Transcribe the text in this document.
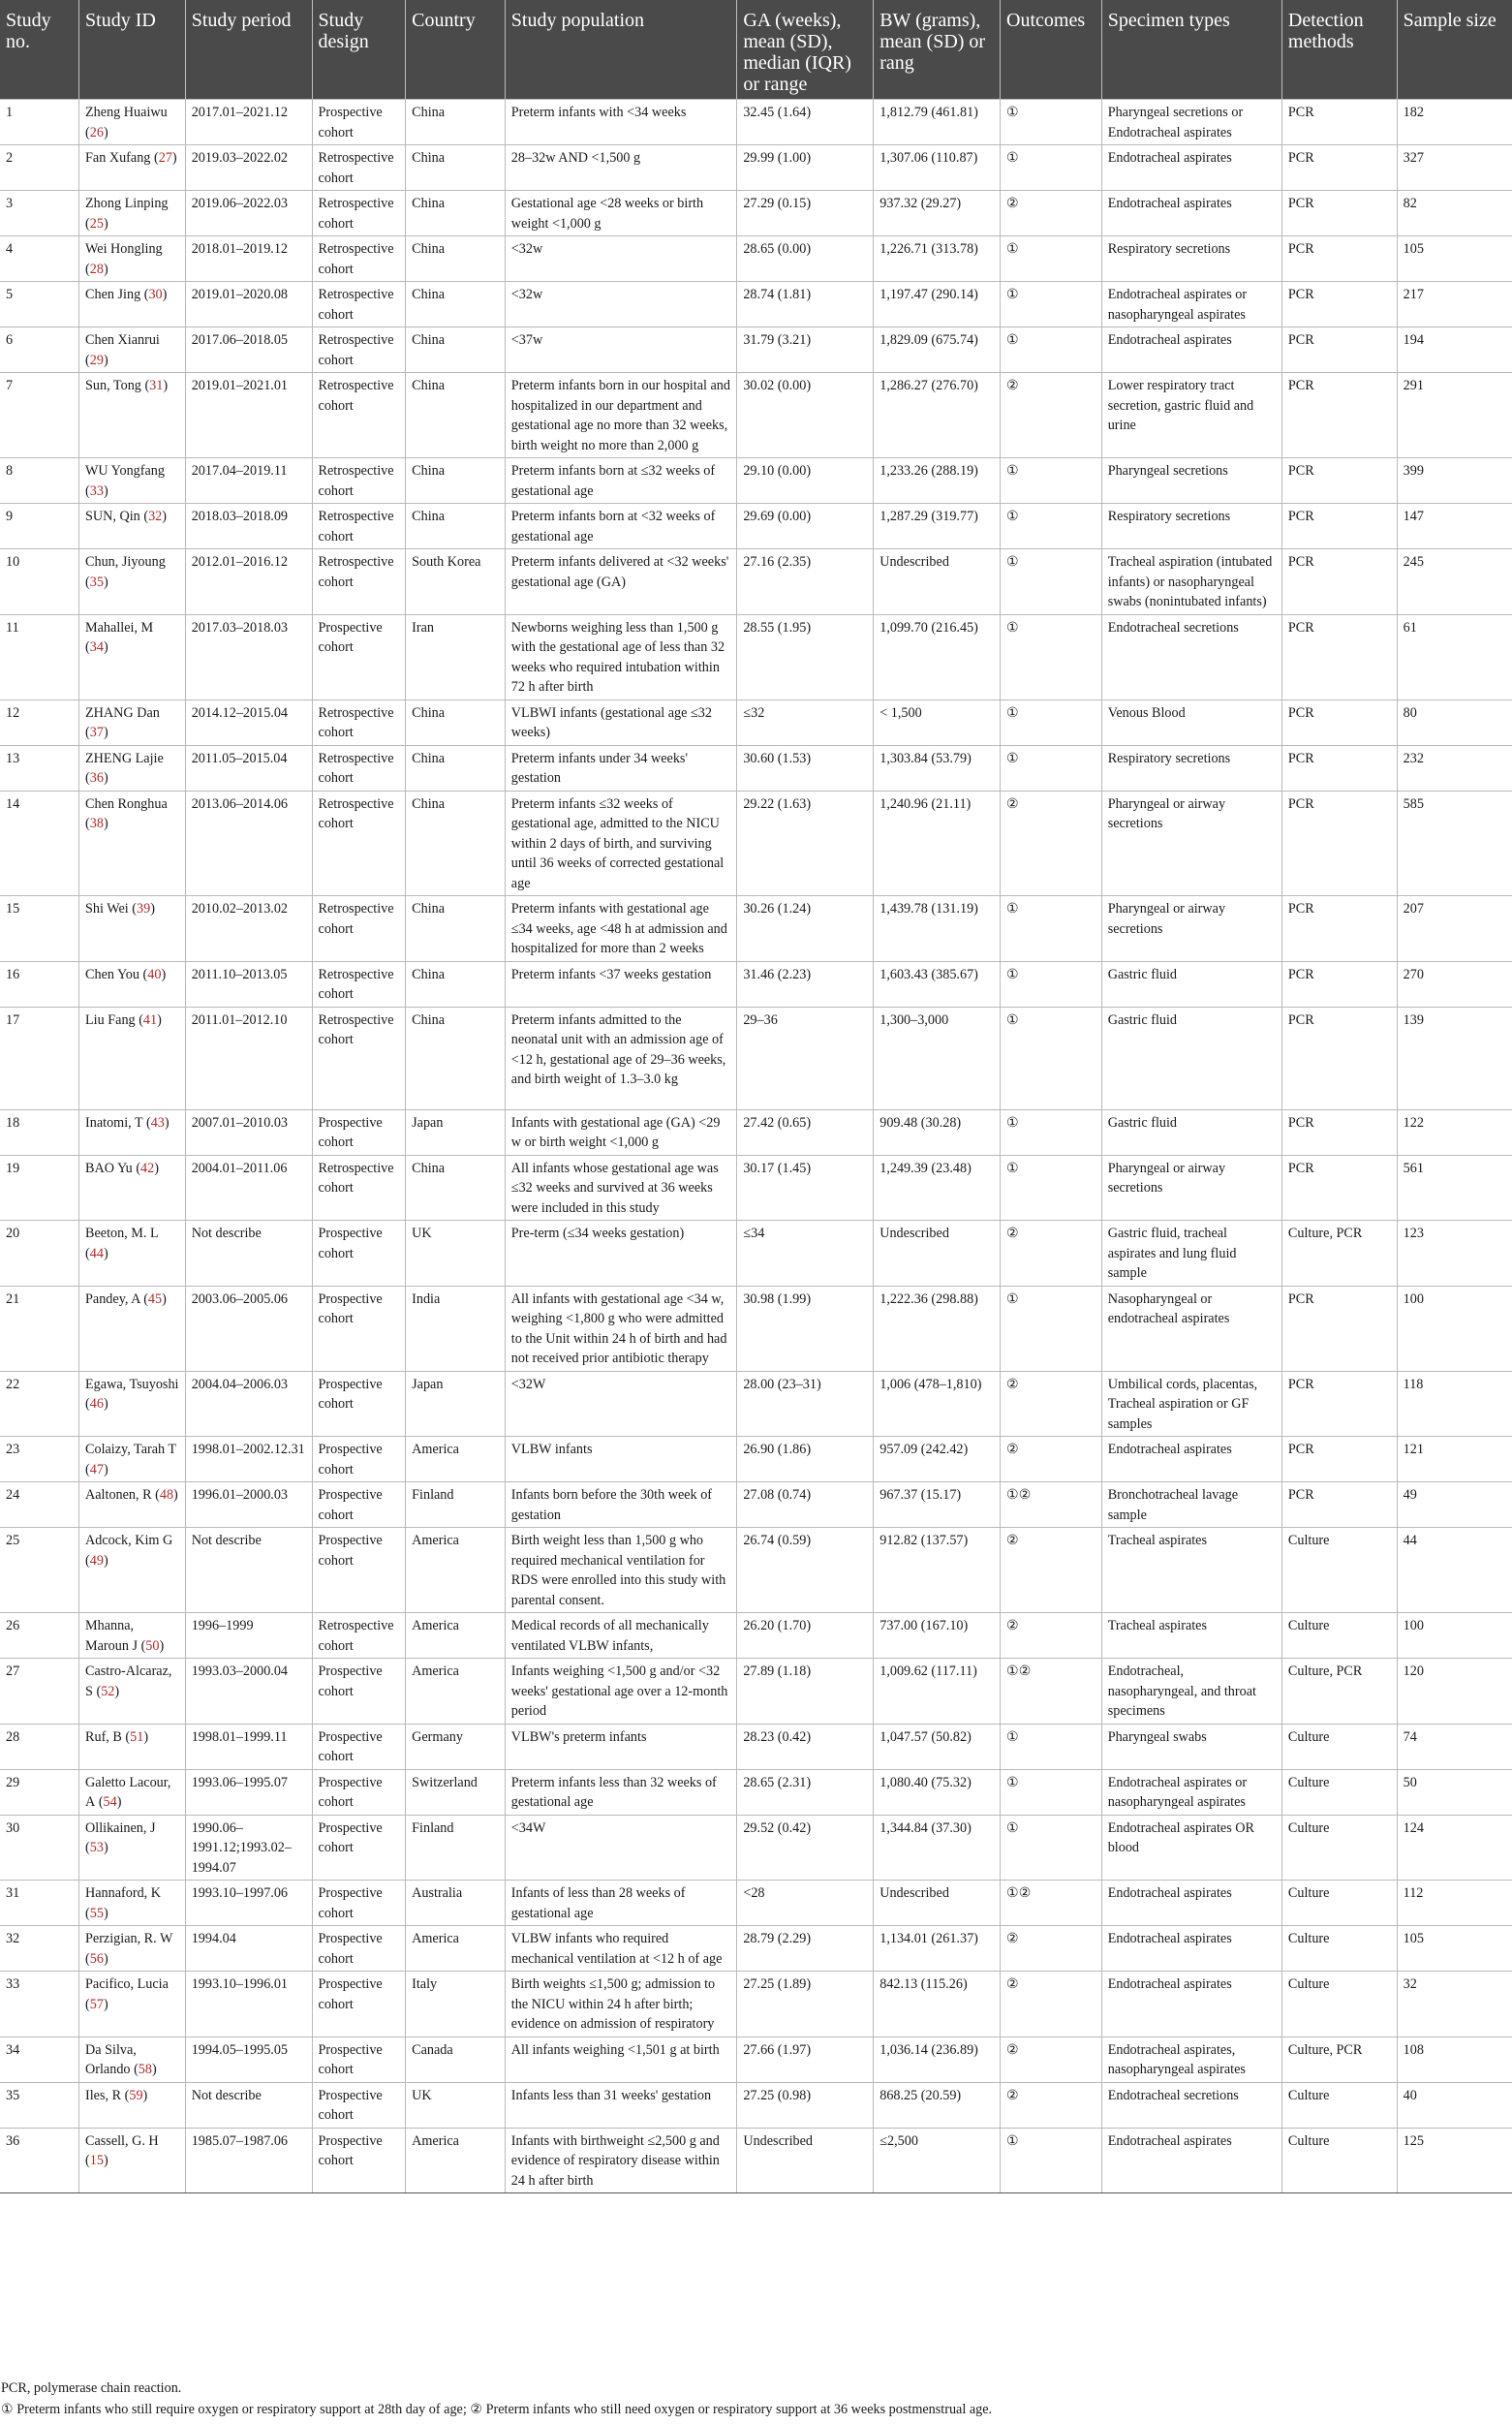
Study no.	Study ID	Study period	Study design	Country	Study population	GA (weeks), mean (SD), median (IQR) or range	BW (grams), mean (SD) or rang	Outcomes	Specimen types	Detection methods	Sample size
1	Zheng Huaiwu (26)	2017.01–2021.12	Prospective cohort	China	Preterm infants with <34 weeks	32.45 (1.64)	1,812.79 (461.81)	①	Pharyngeal secretions or Endotracheal aspirates	PCR	182
2	Fan Xufang (27)	2019.03–2022.02	Retrospective cohort	China	28–32w AND <1,500 g	29.99 (1.00)	1,307.06 (110.87)	①	Endotracheal aspirates	PCR	327
3	Zhong Linping (25)	2019.06–2022.03	Retrospective cohort	China	Gestational age <28 weeks or birth weight <1,000 g	27.29 (0.15)	937.32 (29.27)	②	Endotracheal aspirates	PCR	82
4	Wei Hongling (28)	2018.01–2019.12	Retrospective cohort	China	<32w	28.65 (0.00)	1,226.71 (313.78)	①	Respiratory secretions	PCR	105
5	Chen Jing (30)	2019.01–2020.08	Retrospective cohort	China	<32w	28.74 (1.81)	1,197.47 (290.14)	①	Endotracheal aspirates or nasopharyngeal aspirates	PCR	217
6	Chen Xianrui (29)	2017.06–2018.05	Retrospective cohort	China	<37w	31.79 (3.21)	1,829.09 (675.74)	①	Endotracheal aspirates	PCR	194
7	Sun, Tong (31)	2019.01–2021.01	Retrospective cohort	China	Preterm infants born in our hospital and hospitalized in our department and gestational age no more than 32 weeks, birth weight no more than 2,000 g	30.02 (0.00)	1,286.27 (276.70)	②	Lower respiratory tract secretion, gastric fluid and urine	PCR	291
8	WU Yongfang (33)	2017.04–2019.11	Retrospective cohort	China	Preterm infants born at ≤32 weeks of gestational age	29.10 (0.00)	1,233.26 (288.19)	①	Pharyngeal secretions	PCR	399
9	SUN, Qin (32)	2018.03–2018.09	Retrospective cohort	China	Preterm infants born at <32 weeks of gestational age	29.69 (0.00)	1,287.29 (319.77)	①	Respiratory secretions	PCR	147
10	Chun, Jiyoung (35)	2012.01–2016.12	Retrospective cohort	South Korea	Preterm infants delivered at <32 weeks' gestational age (GA)	27.16 (2.35)	Undescribed	①	Tracheal aspiration (intubated infants) or nasopharyngeal swabs (nonintubated infants)	PCR	245
11	Mahallei, M (34)	2017.03–2018.03	Prospective cohort	Iran	Newborns weighing less than 1,500 g with the gestational age of less than 32 weeks who required intubation within 72 h after birth	28.55 (1.95)	1,099.70 (216.45)	①	Endotracheal secretions	PCR	61
12	ZHANG Dan (37)	2014.12–2015.04	Retrospective cohort	China	VLBWI infants (gestational age ≤32 weeks)	≤32	< 1,500	①	Venous Blood	PCR	80
13	ZHENG Lajie (36)	2011.05–2015.04	Retrospective cohort	China	Preterm infants under 34 weeks' gestation	30.60 (1.53)	1,303.84 (53.79)	①	Respiratory secretions	PCR	232
14	Chen Ronghua (38)	2013.06–2014.06	Retrospective cohort	China	Preterm infants ≤32 weeks of gestational age, admitted to the NICU within 2 days of birth, and surviving until 36 weeks of corrected gestational age	29.22 (1.63)	1,240.96 (21.11)	②	Pharyngeal or airway secretions	PCR	585
15	Shi Wei (39)	2010.02–2013.02	Retrospective cohort	China	Preterm infants with gestational age ≤34 weeks, age <48 h at admission and hospitalized for more than 2 weeks	30.26 (1.24)	1,439.78 (131.19)	①	Pharyngeal or airway secretions	PCR	207
16	Chen You (40)	2011.10–2013.05	Retrospective cohort	China	Preterm infants <37 weeks gestation	31.46 (2.23)	1,603.43 (385.67)	①	Gastric fluid	PCR	270
17	Liu Fang (41)	2011.01–2012.10	Retrospective cohort	China	Preterm infants admitted to the neonatal unit with an admission age of <12 h, gestational age of 29–36 weeks, and birth weight of 1.3–3.0 kg	29–36	1,300–3,000	①	Gastric fluid	PCR	139
18	Inatomi, T (43)	2007.01–2010.03	Prospective cohort	Japan	Infants with gestational age (GA) <29 w or birth weight <1,000 g	27.42 (0.65)	909.48 (30.28)	①	Gastric fluid	PCR	122
19	BAO Yu (42)	2004.01–2011.06	Retrospective cohort	China	All infants whose gestational age was ≤32 weeks and survived at 36 weeks were included in this study	30.17 (1.45)	1,249.39 (23.48)	①	Pharyngeal or airway secretions	PCR	561
20	Beeton, M. L (44)	Not describe	Prospective cohort	UK	Pre-term (≤34 weeks gestation)	≤34	Undescribed	②	Gastric fluid, tracheal aspirates and lung fluid sample	Culture, PCR	123
21	Pandey, A (45)	2003.06–2005.06	Prospective cohort	India	All infants with gestational age <34 w, weighing <1,800 g who were admitted to the Unit within 24 h of birth and had not received prior antibiotic therapy	30.98 (1.99)	1,222.36 (298.88)	①	Nasopharyngeal or endotracheal aspirates	PCR	100
22	Egawa, Tsuyoshi (46)	2004.04–2006.03	Prospective cohort	Japan	<32W	28.00 (23–31)	1,006 (478–1,810)	②	Umbilical cords, placentas, Tracheal aspiration or GF samples	PCR	118
23	Colaizy, Tarah T (47)	1998.01–2002.12.31	Prospective cohort	America	VLBW infants	26.90 (1.86)	957.09 (242.42)	②	Endotracheal aspirates	PCR	121
24	Aaltonen, R (48)	1996.01–2000.03	Prospective cohort	Finland	Infants born before the 30th week of gestation	27.08 (0.74)	967.37 (15.17)	①②	Bronchotracheal lavage sample	PCR	49
25	Adcock, Kim G (49)	Not describe	Prospective cohort	America	Birth weight less than 1,500 g who required mechanical ventilation for RDS were enrolled into this study with parental consent.	26.74 (0.59)	912.82 (137.57)	②	Tracheal aspirates	Culture	44
26	Mhanna, Maroun J (50)	1996–1999	Retrospective cohort	America	Medical records of all mechanically ventilated VLBW infants,	26.20 (1.70)	737.00 (167.10)	②	Tracheal aspirates	Culture	100
27	Castro-Alcaraz, S (52)	1993.03–2000.04	Prospective cohort	America	Infants weighing <1,500 g and/or <32 weeks' gestational age over a 12-month period	27.89 (1.18)	1,009.62 (117.11)	①②	Endotracheal, nasopharyngeal, and throat specimens	Culture, PCR	120
28	Ruf, B (51)	1998.01–1999.11	Prospective cohort	Germany	VLBW's preterm infants	28.23 (0.42)	1,047.57 (50.82)	①	Pharyngeal swabs	Culture	74
29	Galetto Lacour, A (54)	1993.06–1995.07	Prospective cohort	Switzerland	Preterm infants less than 32 weeks of gestational age	28.65 (2.31)	1,080.40 (75.32)	①	Endotracheal aspirates or nasopharyngeal aspirates	Culture	50
30	Ollikainen, J (53)	1990.06–1991.12;1993.02–1994.07	Prospective cohort	Finland	<34W	29.52 (0.42)	1,344.84 (37.30)	①	Endotracheal aspirates OR blood	Culture	124
31	Hannaford, K (55)	1993.10–1997.06	Prospective cohort	Australia	Infants of less than 28 weeks of gestational age	<28	Undescribed	①②	Endotracheal aspirates	Culture	112
32	Perzigian, R. W (56)	1994.04	Prospective cohort	America	VLBW infants who required mechanical ventilation at <12 h of age	28.79 (2.29)	1,134.01 (261.37)	②	Endotracheal aspirates	Culture	105
33	Pacifico, Lucia (57)	1993.10–1996.01	Prospective cohort	Italy	Birth weights ≤1,500 g; admission to the NICU within 24 h after birth; evidence on admission of respiratory	27.25 (1.89)	842.13 (115.26)	②	Endotracheal aspirates	Culture	32
34	Da Silva, Orlando (58)	1994.05–1995.05	Prospective cohort	Canada	All infants weighing <1,501 g at birth	27.66 (1.97)	1,036.14 (236.89)	②	Endotracheal aspirates, nasopharyngeal aspirates	Culture, PCR	108
35	Iles, R (59)	Not describe	Prospective cohort	UK	Infants less than 31 weeks' gestation	27.25 (0.98)	868.25 (20.59)	②	Endotracheal secretions	Culture	40
36	Cassell, G. H (15)	1985.07–1987.06	Prospective cohort	America	Infants with birthweight ≤2,500 g and evidence of respiratory disease within 24 h after birth	Undescribed	≤2,500	①	Endotracheal aspirates	Culture	125
PCR, polymerase chain reaction.
① Preterm infants who still require oxygen or respiratory support at 28th day of age; ② Preterm infants who still need oxygen or respiratory support at 36 weeks postmenstrual age.
